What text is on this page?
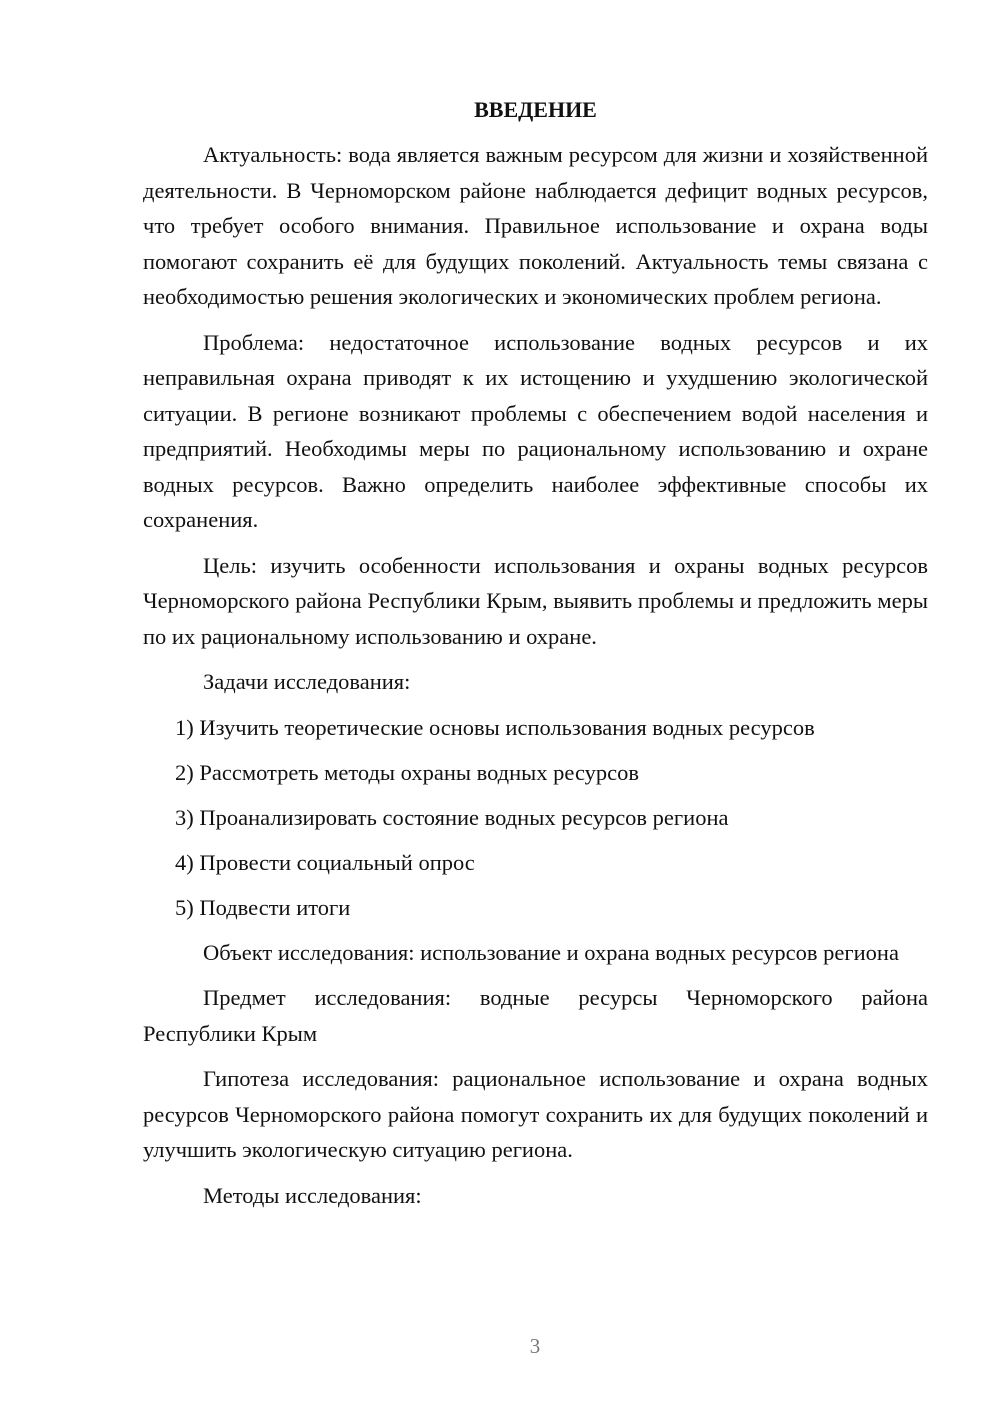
ВВЕДЕНИЕ

Актуальность: вода является важным ресурсом для жизни и хозяйственной деятельности. В Черноморском районе наблюдается дефицит водных ресурсов, что требует особого внимания. Правильное использование и охрана воды помогают сохранить её для будущих поколений. Актуальность темы связана с необходимостью решения экологических и экономических проблем региона.

Проблема: недостаточное использование водных ресурсов и их неправильная охрана приводят к их истощению и ухудшению экологической ситуации. В регионе возникают проблемы с обеспечением водой населения и предприятий. Необходимы меры по рациональному использованию и охране водных ресурсов. Важно определить наиболее эффективные способы их сохранения.

Цель: изучить особенности использования и охраны водных ресурсов Черноморского района Республики Крым, выявить проблемы и предложить меры по их рациональному использованию и охране.

Задачи исследования:

1) Изучить теоретические основы использования водных ресурсов
2) Рассмотреть методы охраны водных ресурсов
3) Проанализировать состояние водных ресурсов региона
4) Провести социальный опрос
5) Подвести итоги

Объект исследования: использование и охрана водных ресурсов региона

Предмет исследования: водные ресурсы Черноморского района Республики Крым

Гипотеза исследования: рациональное использование и охрана водных ресурсов Черноморского района помогут сохранить их для будущих поколений и улучшить экологическую ситуацию региона.

Методы исследования:

3
